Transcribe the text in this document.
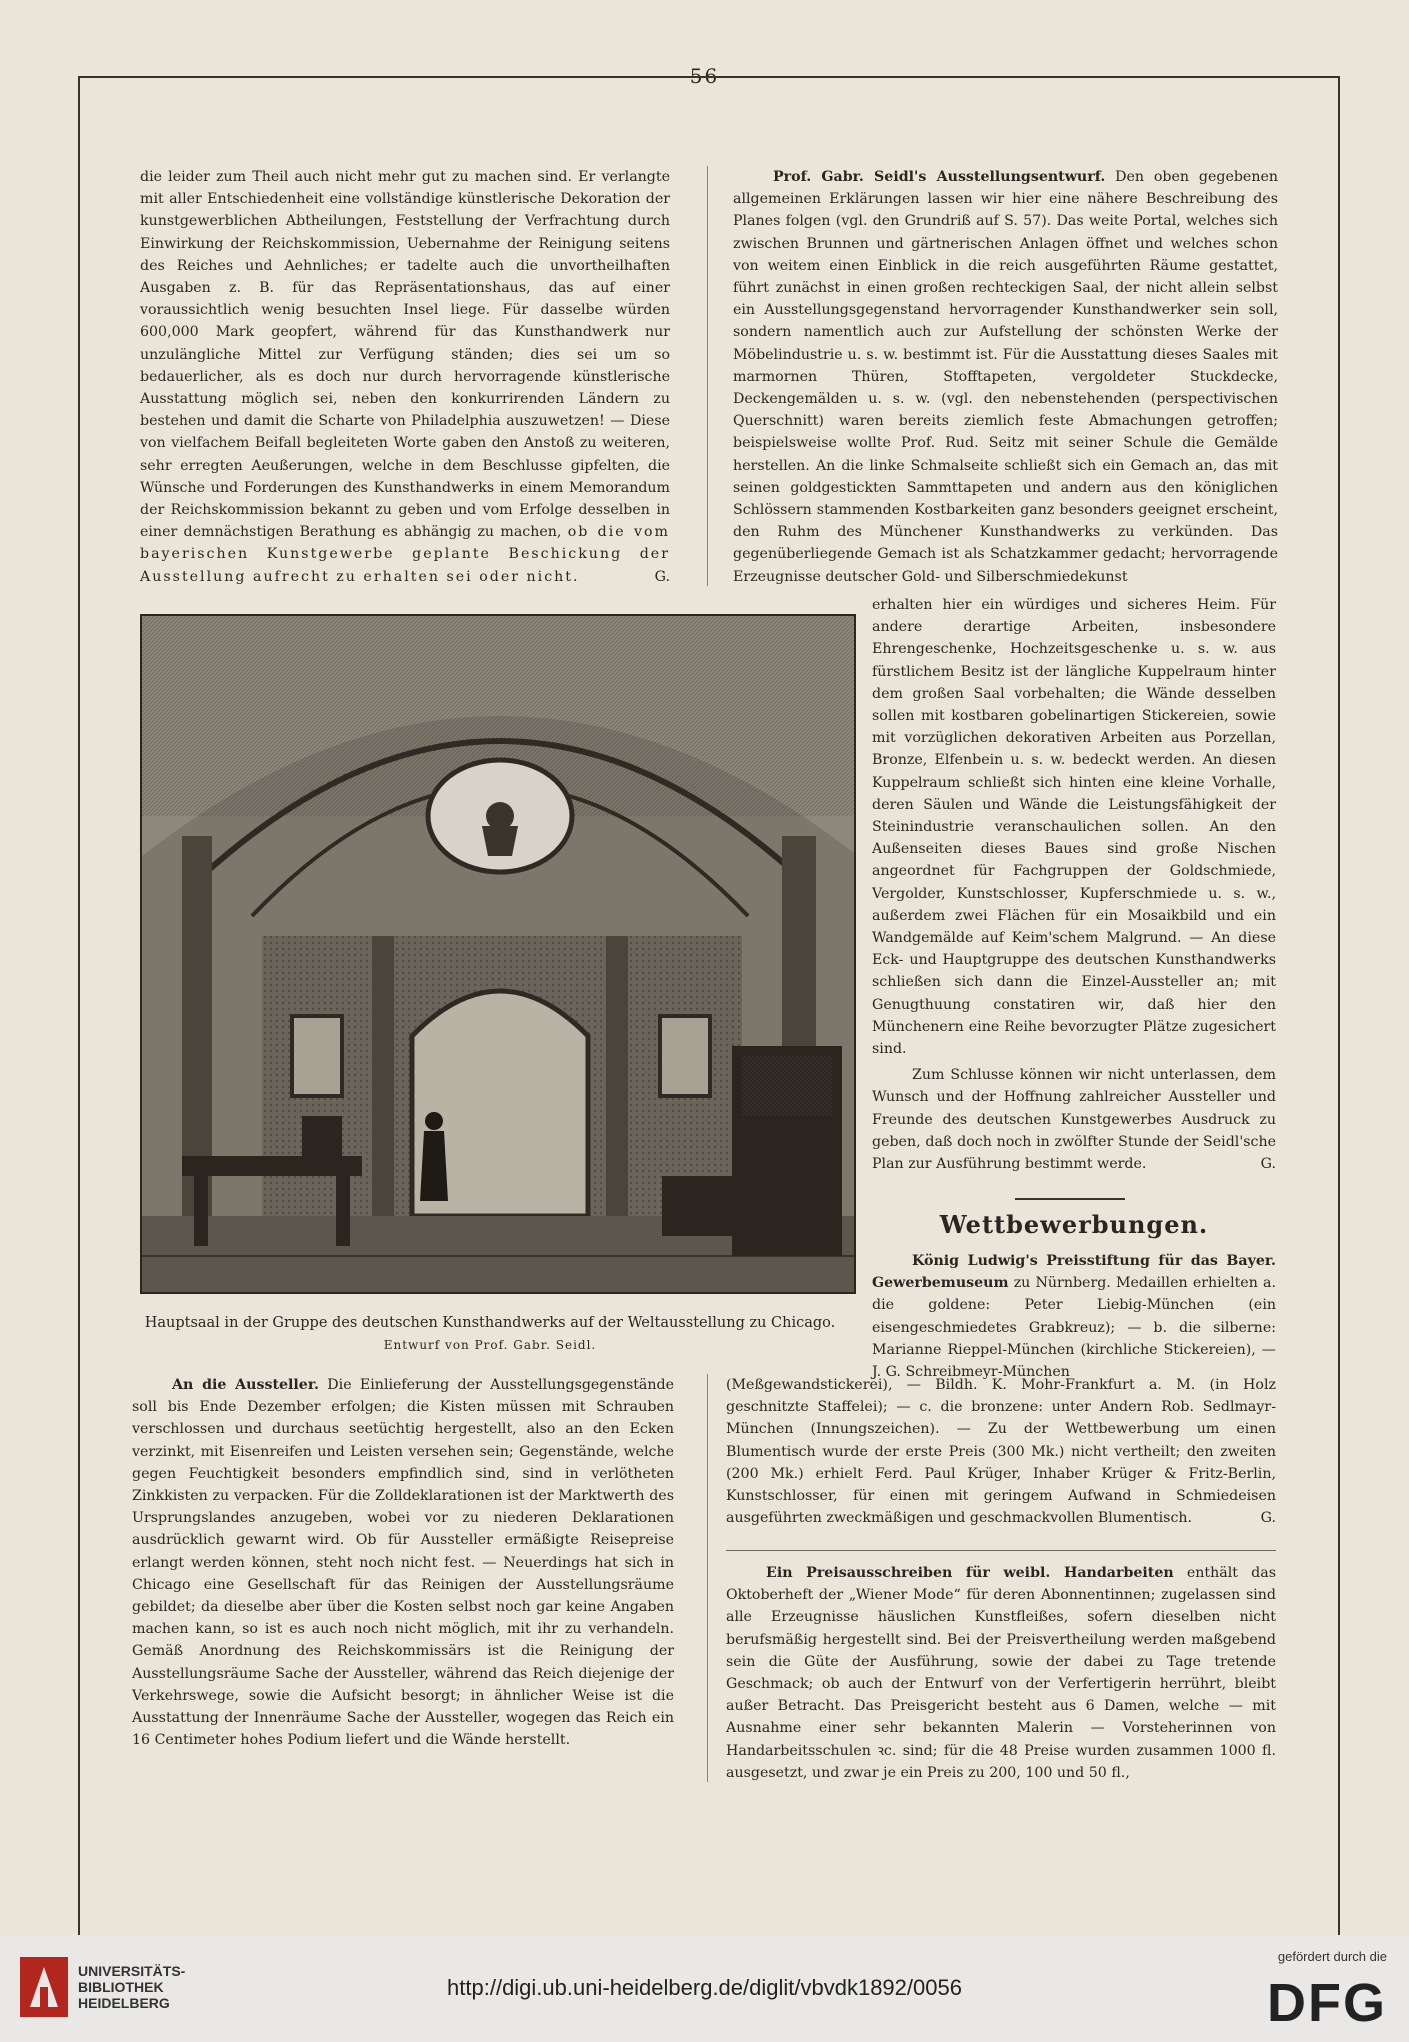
56

die leider zum Theil auch nicht mehr gut zu machen sind. Er verlangte mit aller Entschiedenheit eine vollständige künstlerische Dekoration der kunstgewerblichen Abtheilungen, Feststellung der Verfrachtung durch Einwirkung der Reichskommission, Uebernahme der Reinigung seitens des Reiches und Aehnliches; er tadelte auch die unvortheilhaften Ausgaben z. B. für das Repräsentationshaus, das auf einer voraussichtlich wenig besuchten Insel liege. Für dasselbe würden 600,000 Mark geopfert, während für das Kunsthandwerk nur unzulängliche Mittel zur Verfügung ständen; dies sei um so bedauerlicher, als es doch nur durch hervorragende künstlerische Ausstattung möglich sei, neben den konkurrirenden Ländern zu bestehen und damit die Scharte von Philadelphia auszuwetzen! — Diese von vielfachem Beifall begleiteten Worte gaben den Anstoß zu weiteren, sehr erregten Aeußerungen, welche in dem Beschlusse gipfelten, die Wünsche und Forderungen des Kunsthandwerks in einem Memorandum der Reichskommission bekannt zu geben und vom Erfolge desselben in einer demnächstigen Berathung es abhängig zu machen, ob die vom bayerischen Kunstgewerbe geplante Beschickung der Ausstellung aufrecht zu erhalten sei oder nicht.	G.

Prof. Gabr. Seidl's Ausstellungsentwurf. Den oben gegebenen allgemeinen Erklärungen lassen wir hier eine nähere Beschreibung des Planes folgen (vgl. den Grundriß auf S. 57). Das weite Portal, welches sich zwischen Brunnen und gärtnerischen Anlagen öffnet und welches schon von weitem einen Einblick in die reich ausgeführten Räume gestattet, führt zunächst in einen großen rechteckigen Saal, der nicht allein selbst ein Ausstellungsgegenstand hervorragender Kunsthandwerker sein soll, sondern namentlich auch zur Aufstellung der schönsten Werke der Möbelindustrie u. s. w. bestimmt ist. Für die Ausstattung dieses Saales mit marmornen Thüren, Stofftapeten, vergoldeter Stuckdecke, Deckengemälden u. s. w. (vgl. den nebenstehenden (perspectivischen Querschnitt) waren bereits ziemlich feste Abmachungen getroffen; beispielsweise wollte Prof. Rud. Seitz mit seiner Schule die Gemälde herstellen. An die linke Schmalseite schließt sich ein Gemach an, das mit seinen goldgestickten Sammttapeten und andern aus den königlichen Schlössern stammenden Kostbarkeiten ganz besonders geeignet erscheint, den Ruhm des Münchener Kunsthandwerks zu verkünden. Das gegenüberliegende Gemach ist als Schatzkammer gedacht; hervorragende Erzeugnisse deutscher Gold- und Silberschmiedekunst

erhalten hier ein würdiges und sicheres Heim. Für andere derartige Arbeiten, insbesondere Ehrengeschenke, Hochzeitsgeschenke u. s. w. aus fürstlichem Besitz ist der längliche Kuppelraum hinter dem großen Saal vorbehalten; die Wände desselben sollen mit kostbaren gobelinartigen Stickereien, sowie mit vorzüglichen dekorativen Arbeiten aus Porzellan, Bronze, Elfenbein u. s. w. bedeckt werden. An diesen Kuppelraum schließt sich hinten eine kleine Vorhalle, deren Säulen und Wände die Leistungsfähigkeit der Steinindustrie veranschaulichen sollen. An den Außenseiten dieses Baues sind große Nischen angeordnet für Fachgruppen der Goldschmiede, Vergolder, Kunstschlosser, Kupferschmiede u. s. w., außerdem zwei Flächen für ein Mosaikbild und ein Wandgemälde auf Keim'schem Malgrund. — An diese Eck- und Hauptgruppe des deutschen Kunsthandwerks schließen sich dann die Einzel-Aussteller an; mit Genugthuung constatiren wir, daß hier den Münchenern eine Reihe bevorzugter Plätze zugesichert sind.

Zum Schlusse können wir nicht unterlassen, dem Wunsch und der Hoffnung zahlreicher Aussteller und Freunde des deutschen Kunstgewerbes Ausdruck zu geben, daß doch noch in zwölfter Stunde der Seidl'sche Plan zur Ausführung bestimmt werde.	G.

Wettbewerbungen.

König Ludwig's Preisstiftung für das Bayer. Gewerbemuseum zu Nürnberg. Medaillen erhielten a. die goldene: Peter Liebig-München (ein eisengeschmiedetes Grabkreuz); — b. die silberne: Marianne Rieppel-München (kirchliche Stickereien), — J. G. Schreibmeyr-München

Hauptsaal in der Gruppe des deutschen Kunsthandwerks auf der Weltausstellung zu Chicago.
Entwurf von Prof. Gabr. Seidl.

An die Aussteller. Die Einlieferung der Ausstellungsgegenstände soll bis Ende Dezember erfolgen; die Kisten müssen mit Schrauben verschlossen und durchaus seetüchtig hergestellt, also an den Ecken verzinkt, mit Eisenreifen und Leisten versehen sein; Gegenstände, welche gegen Feuchtigkeit besonders empfindlich sind, sind in verlötheten Zinkkisten zu verpacken. Für die Zolldeklarationen ist der Marktwerth des Ursprungslandes anzugeben, wobei vor zu niederen Deklarationen ausdrücklich gewarnt wird. Ob für Aussteller ermäßigte Reisepreise erlangt werden können, steht noch nicht fest. — Neuerdings hat sich in Chicago eine Gesellschaft für das Reinigen der Ausstellungsräume gebildet; da dieselbe aber über die Kosten selbst noch gar keine Angaben machen kann, so ist es auch noch nicht möglich, mit ihr zu verhandeln. Gemäß Anordnung des Reichskommissärs ist die Reinigung der Ausstellungsräume Sache der Aussteller, während das Reich diejenige der Verkehrswege, sowie die Aufsicht besorgt; in ähnlicher Weise ist die Ausstattung der Innenräume Sache der Aussteller, wogegen das Reich ein 16 Centimeter hohes Podium liefert und die Wände herstellt.

(Meßgewandstickerei), — Bildh. K. Mohr-Frankfurt a. M. (in Holz geschnitzte Staffelei); — c. die bronzene: unter Andern Rob. Sedlmayr-München (Innungszeichen). — Zu der Wettbewerbung um einen Blumentisch wurde der erste Preis (300 Mk.) nicht vertheilt; den zweiten (200 Mk.) erhielt Ferd. Paul Krüger, Inhaber Krüger & Fritz-Berlin, Kunstschlosser, für einen mit geringem Aufwand in Schmiedeisen ausgeführten zweckmäßigen und geschmackvollen Blumentisch.	G.

Ein Preisausschreiben für weibl. Handarbeiten enthält das Oktoberheft der „Wiener Mode“ für deren Abonnentinnen; zugelassen sind alle Erzeugnisse häuslichen Kunstfleißes, sofern dieselben nicht berufsmäßig hergestellt sind. Bei der Preisvertheilung werden maßgebend sein die Güte der Ausführung, sowie der dabei zu Tage tretende Geschmack; ob auch der Entwurf von der Verfertigerin herrührt, bleibt außer Betracht. Das Preisgericht besteht aus 6 Damen, welche — mit Ausnahme einer sehr bekannten Malerin — Vorsteherinnen von Handarbeitsschulen ꝛc. sind; für die 48 Preise wurden zusammen 1000 fl. ausgesetzt, und zwar je ein Preis zu 200, 100 und 50 fl.,

UNIVERSITÄTS-
BIBLIOTHEK
HEIDELBERG
http://digi.ub.uni-heidelberg.de/diglit/vbvdk1892/0056
gefördert durch die
DFG
